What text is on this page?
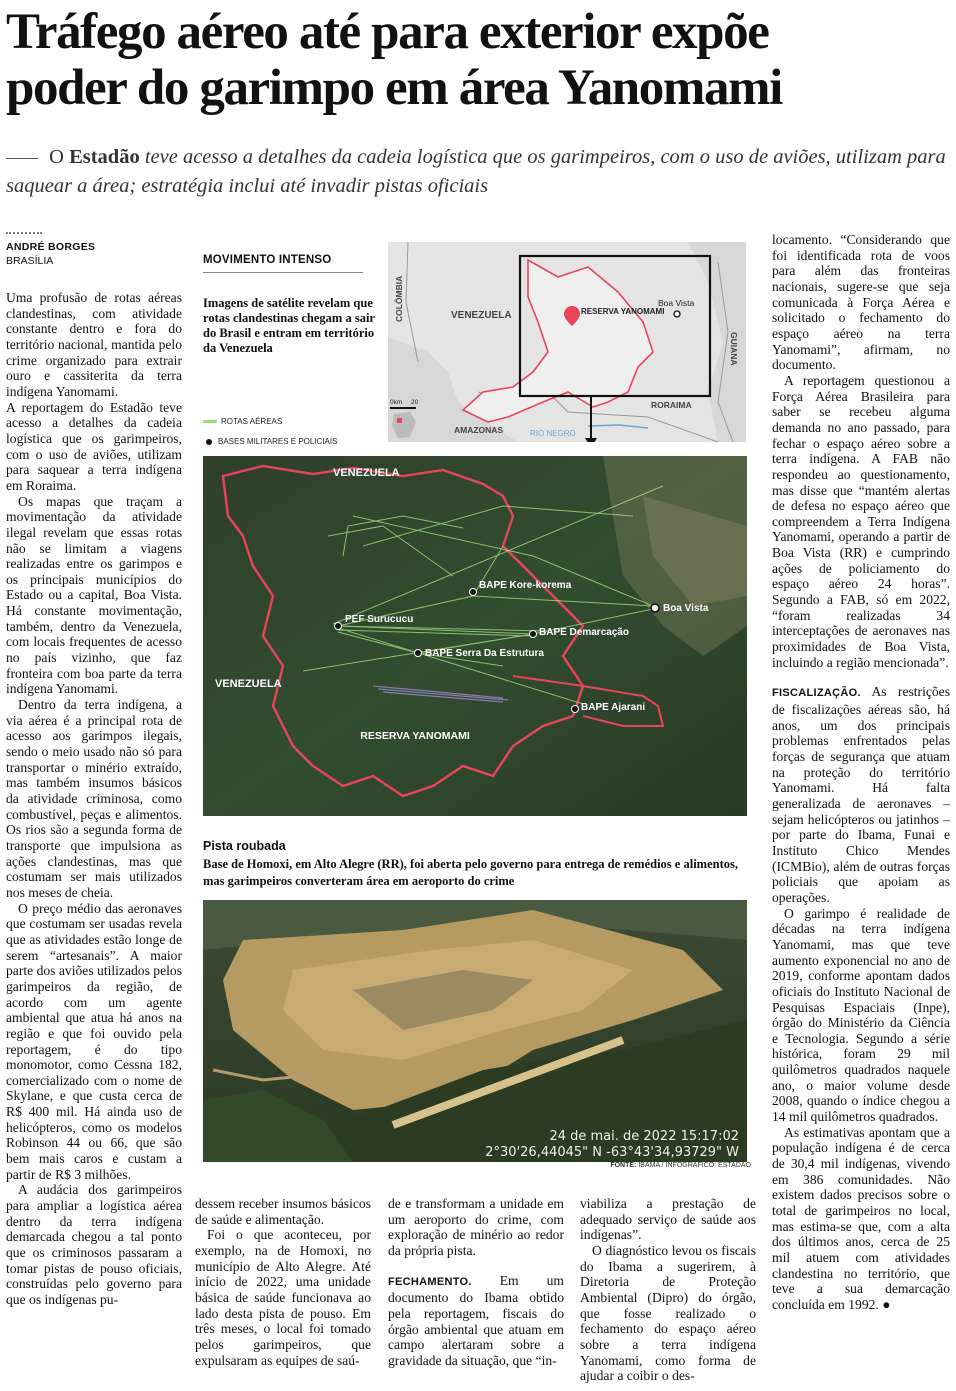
Tráfego aéreo até para exterior expõe
poder do garimpo em área Yanomami
O Estadão teve acesso a detalhes da cadeia logística que os garimpeiros, com o uso de aviões, utilizam para saquear a área; estratégia inclui até invadir pistas oficiais
ANDRÉ BORGES
BRASÍLIA

Uma profusão de rotas aéreas clandestinas, com atividade constante dentro e fora do território nacional, mantida pelo crime organizado para extrair ouro e cassiterita da terra indígena Yanomami.

A reportagem do Estadão teve acesso a detalhes da cadeia logística que os garimpeiros, com o uso de aviões, utilizam para saquear a terra indígena em Roraima.

Os mapas que traçam a movimentação da atividade ilegal revelam que essas rotas não se limitam a viagens realizadas entre os garimpos e os principais municípios do Estado ou a capital, Boa Vista. Há constante movimentação, também, dentro da Venezuela, com locais frequentes de acesso no país vizinho, que faz fronteira com boa parte da terra indígena Yanomami.

Dentro da terra indígena, a via aérea é a principal rota de acesso aos garimpos ilegais, sendo o meio usado não só para transportar o minério extraído, mas também insumos básicos da atividade criminosa, como combustível, peças e alimentos. Os rios são a segunda forma de transporte que impulsiona as ações clandestinas, mas que costumam ser mais utilizados nos meses de cheia.

O preço médio das aeronaves que costumam ser usadas revela que as atividades estão longe de serem “artesanais”. A maior parte dos aviões utilizados pelos garimpeiros da região, de acordo com um agente ambiental que atua há anos na região e que foi ouvido pela reportagem, é do tipo monomotor, como Cessna 182, comercializado com o nome de Skylane, e que custa cerca de R$ 400 mil. Há ainda uso de helicópteros, como os modelos Robinson 44 ou 66, que são bem mais caros e custam a partir de R$ 3 milhões.

A audácia dos garimpeiros para ampliar a logística aérea dentro da terra indígena demarcada chegou a tal ponto que os criminosos passaram a tomar pistas de pouso oficiais, construídas pelo governo para que os indígenas pu-

dessem receber insumos básicos de saúde e alimentação.

Foi o que aconteceu, por exemplo, na de Homoxi, no município de Alto Alegre. Até início de 2022, uma unidade básica de saúde funcionava ao lado desta pista de pouso. Em três meses, o local foi tomado pelos garimpeiros, que expulsaram as equipes de saú-

de e transformam a unidade em um aeroporto do crime, com exploração de minério ao redor da própria pista.

FECHAMENTO. Em um documento do Ibama obtido pela reportagem, fiscais do órgão ambiental que atuam em campo alertaram sobre a gravidade da situação, que “in-

viabiliza a prestação de adequado serviço de saúde aos indígenas”.

O diagnóstico levou os fiscais do Ibama a sugerirem, à Diretoria de Proteção Ambiental (Dipro) do órgão, que fosse realizado o fechamento do espaço aéreo sobre a terra indígena Yanomami, como forma de ajudar a coibir o des-

locamento. “Considerando que foi identificada rota de voos para além das fronteiras nacionais, sugere-se que seja comunicada à Força Aérea e solicitado o fechamento do espaço aéreo na terra Yanomami”, afirmam, no documento.

A reportagem questionou a Força Aérea Brasileira para saber se recebeu alguma demanda no ano passado, para fechar o espaço aéreo sobre a terra indígena. A FAB não respondeu ao questionamento, mas disse que “mantém alertas de defesa no espaço aéreo que compreendem a Terra Indígena Yanomami, operando a partir de Boa Vista (RR) e cumprindo ações de policiamento do espaço aéreo 24 horas”. Segundo a FAB, só em 2022, “foram realizadas 34 interceptações de aeronaves nas proximidades de Boa Vista, incluindo a região mencionada”.

FISCALIZAÇÃO. As restrições de fiscalizações aéreas são, há anos, um dos principais problemas enfrentados pelas forças de segurança que atuam na proteção do território Yanomami. Há falta generalizada de aeronaves – sejam helicópteros ou jatinhos – por parte do Ibama, Funai e Instituto Chico Mendes (ICMBio), além de outras forças policiais que apoiam as operações.

O garimpo é realidade de décadas na terra indígena Yanomami, mas que teve aumento exponencial no ano de 2019, conforme apontam dados oficiais do Instituto Nacional de Pesquisas Espaciais (Inpe), órgão do Ministério da Ciência e Tecnologia. Segundo a série histórica, foram 29 mil quilômetros quadrados naquele ano, o maior volume desde 2008, quando o índice chegou a 14 mil quilômetros quadrados.

As estimativas apontam que a população indígena é de cerca de 30,4 mil indígenas, vivendo em 386 comunidades. Não existem dados precisos sobre o total de garimpeiros no local, mas estima-se que, com a alta dos últimos anos, cerca de 25 mil atuem com atividades clandestina no território, que teve a sua demarcação concluída em 1992. ●

MOVIMENTO INTENSO
Imagens de satélite revelam que rotas clandestinas chegam a sair do Brasil e entram em território da Venezuela
ROTAS AÉREAS
BASES MILITARES E POLICIAIS
COLÔMBIA	VENEZUELA
GUIANA
RESERVA YANOMAMI
Boa Vista
RORAIMA
AMAZONAS	RIO NEGRO
0km 20
VENEZUELA
VENEZUELA
RESERVA YANOMAMI
BAPE Kore-korema
PEF Surucucu
BAPE Demarcação
BAPE Serra Da Estrutura
BAPE Ajarani
Boa Vista
Pista roubada
Base de Homoxi, em Alto Alegre (RR), foi aberta pelo governo para entrega de remédios e alimentos, mas garimpeiros converteram área em aeroporto do crime
24 de mai. de 2022 15:17:02
2°30'26,44045" N -63°43'34,93729" W
FONTE: IBAMA / INFOGRÁFICO: ESTADÃO
